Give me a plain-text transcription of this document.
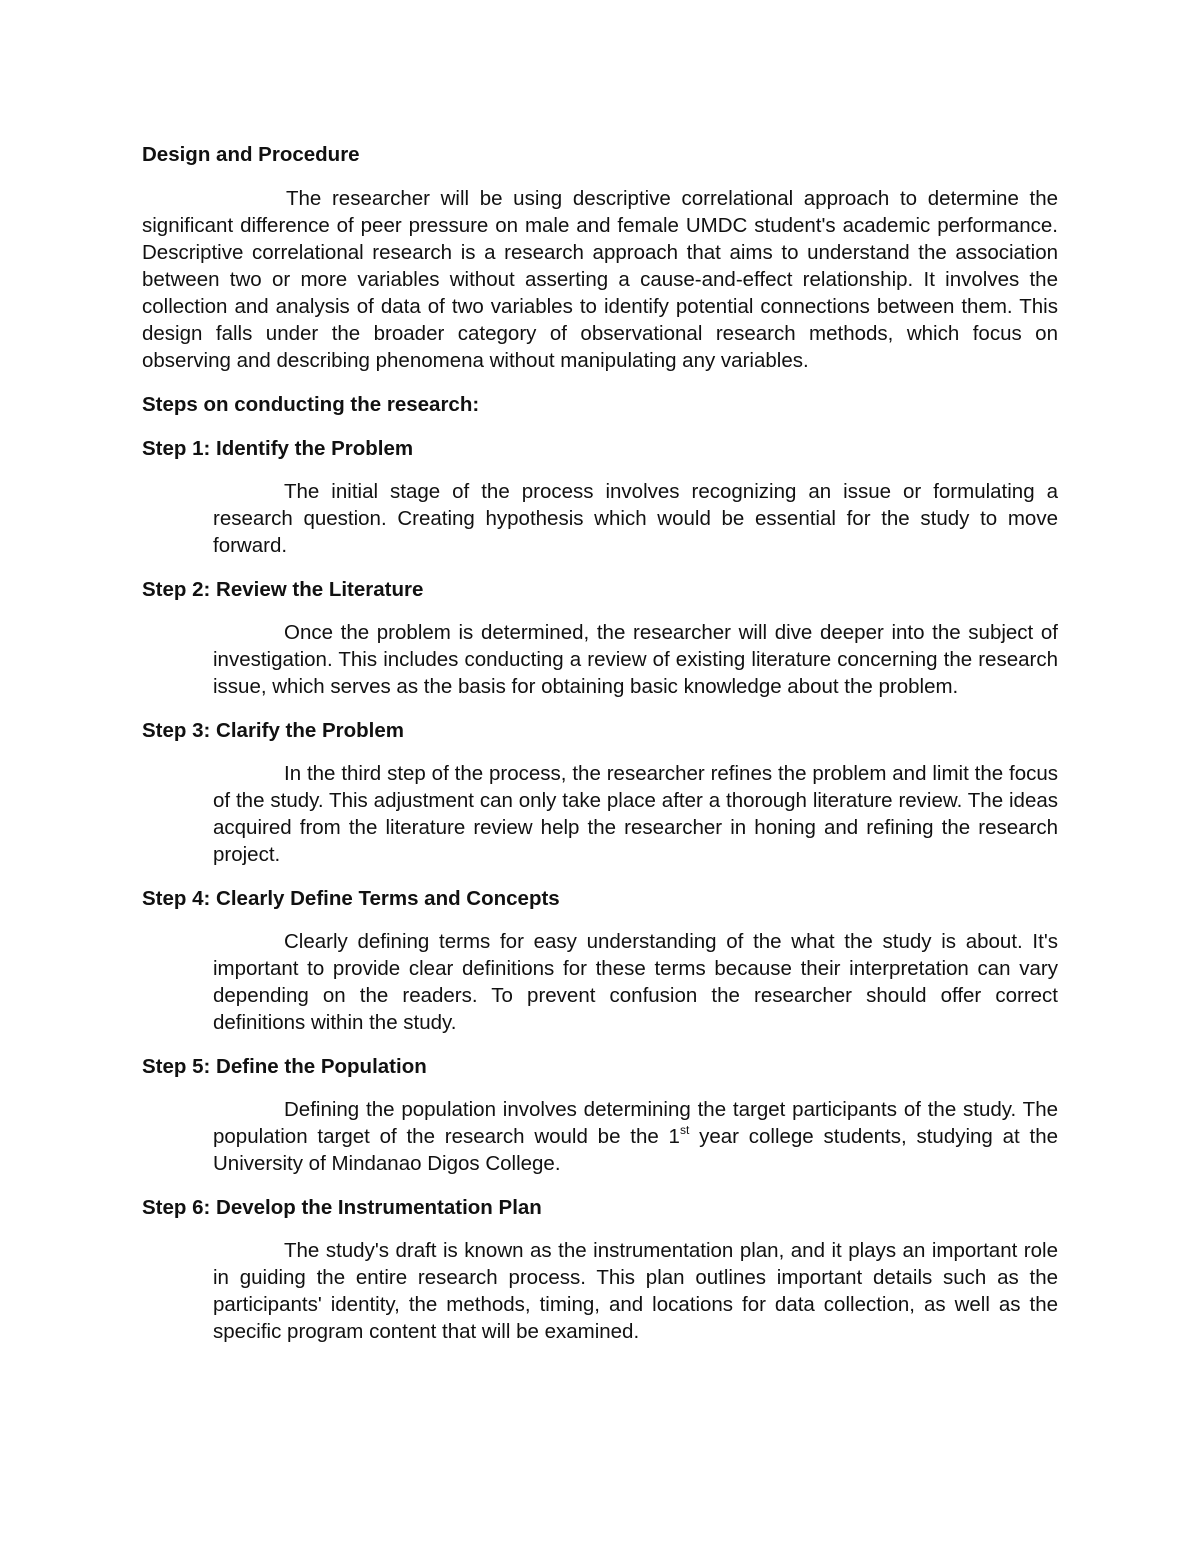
Design and Procedure

The researcher will be using descriptive correlational approach to determine the significant difference of peer pressure on male and female UMDC student's academic performance. Descriptive correlational research is a research approach that aims to understand the association between two or more variables without asserting a cause-and-effect relationship. It involves the collection and analysis of data of two variables to identify potential connections between them. This design falls under the broader category of observational research methods, which focus on observing and describing phenomena without manipulating any variables.

Steps on conducting the research:

Step 1: Identify the Problem

The initial stage of the process involves recognizing an issue or formulating a research question. Creating hypothesis which would be essential for the study to move forward.

Step 2: Review the Literature

Once the problem is determined, the researcher will dive deeper into the subject of investigation. This includes conducting a review of existing literature concerning the research issue, which serves as the basis for obtaining basic knowledge about the problem.

Step 3: Clarify the Problem

In the third step of the process, the researcher refines the problem and limit the focus of the study. This adjustment can only take place after a thorough literature review. The ideas acquired from the literature review help the researcher in honing and refining the research project.

Step 4: Clearly Define Terms and Concepts

Clearly defining terms for easy understanding of the what the study is about. It's important to provide clear definitions for these terms because their interpretation can vary depending on the readers. To prevent confusion the researcher should offer correct definitions within the study.

Step 5: Define the Population

Defining the population involves determining the target participants of the study. The population target of the research would be the 1st year college students, studying at the University of Mindanao Digos College.

Step 6: Develop the Instrumentation Plan

The study's draft is known as the instrumentation plan, and it plays an important role in guiding the entire research process. This plan outlines important details such as the participants' identity, the methods, timing, and locations for data collection, as well as the specific program content that will be examined.
